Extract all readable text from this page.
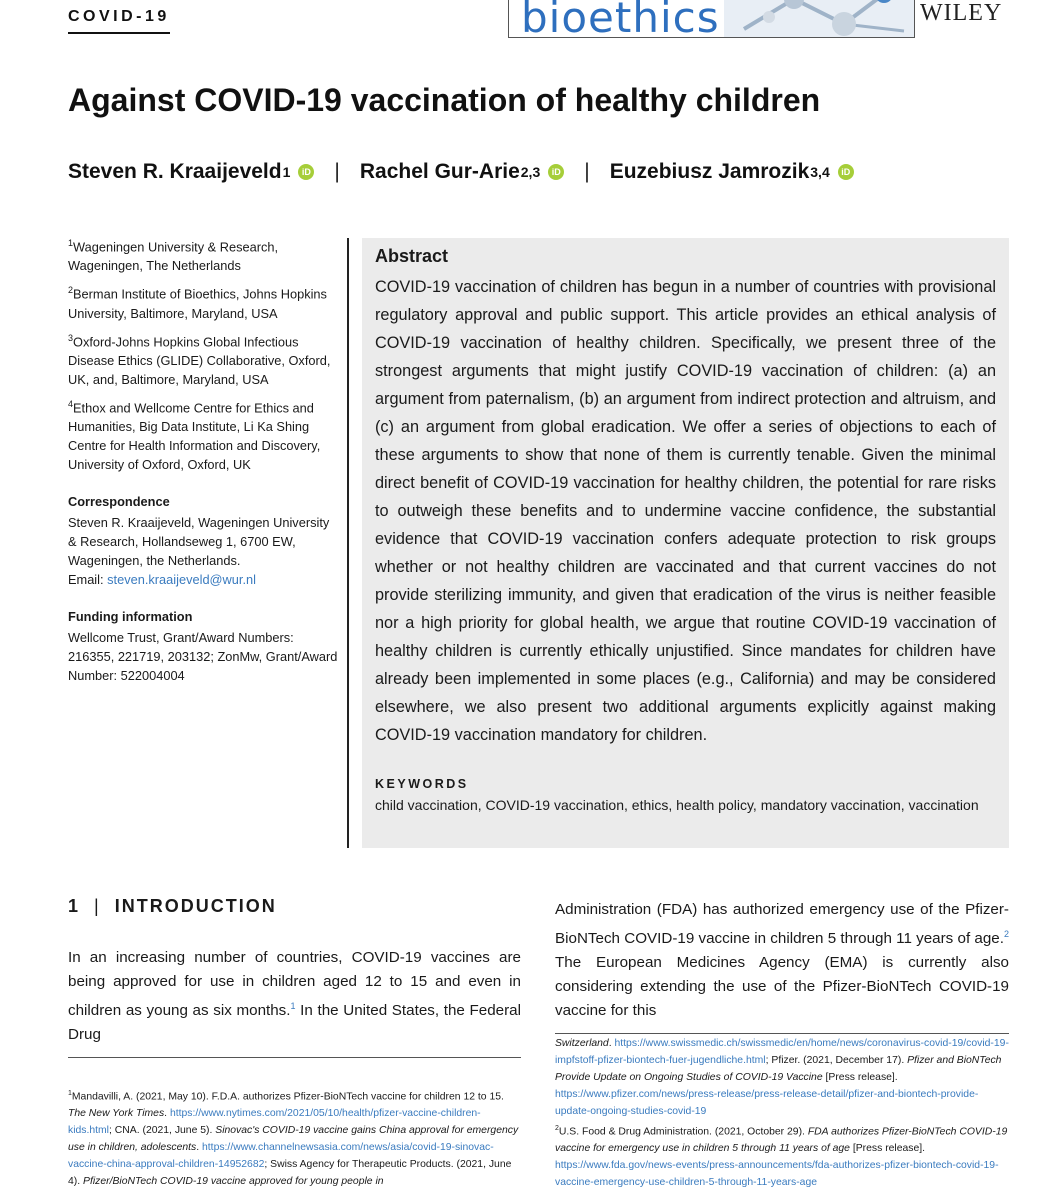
COVID-19	bioethics	WILEY
Against COVID-19 vaccination of healthy children
Steven R. Kraaijeveld 1	iD | Rachel Gur-Arie 2,3	iD | Euzebiusz Jamrozik 3,4	iD

$^1$Wageningen University & Research, Wageningen, The Netherlands

$^2$Berman Institute of Bioethics, Johns Hopkins University, Baltimore, Maryland, USA

$^3$Oxford-Johns Hopkins Global Infectious Disease Ethics (GLIDE) Collaborative, Oxford, UK, and, Baltimore, Maryland, USA

$^4$Ethox and Wellcome Centre for Ethics and Humanities, Big Data Institute, Li Ka Shing Centre for Health Information and Discovery, University of Oxford, Oxford, UK

Correspondence
Steven R. Kraaijeveld, Wageningen University & Research, Hollandseweg 1, 6700 EW, Wageningen, the Netherlands.
Email: steven.kraaijeveld@wur.nl
Funding information
Wellcome Trust, Grant/Award Numbers: 216355, 221719, 203132; ZonMw, Grant/Award Number: 522004004
Abstract

COVID-19 vaccination of children has begun in a number of countries with provisional regulatory approval and public support. This article provides an ethical analysis of COVID-19 vaccination of healthy children. Specifically, we present three of the strongest arguments that might justify COVID-19 vaccination of children: (a) an argument from paternalism, (b) an argument from indirect protection and altruism, and (c) an argument from global eradication. We offer a series of objections to each of these arguments to show that none of them is currently tenable. Given the minimal direct benefit of COVID-19 vaccination for healthy children, the potential for rare risks to outweigh these benefits and to undermine vaccine confidence, the substantial evidence that COVID-19 vaccination confers adequate protection to risk groups whether or not healthy children are vaccinated and that current vaccines do not provide sterilizing immunity, and given that eradication of the virus is neither feasible nor a high priority for global health, we argue that routine COVID-19 vaccination of healthy children is currently ethically unjustified. Since mandates for children have already been implemented in some places (e.g., California) and may be considered elsewhere, we also present two additional arguments explicitly against making COVID-19 vaccination mandatory for children.

KEYWORDS

child vaccination, COVID-19 vaccination, ethics, health policy, mandatory vaccination, vaccination

1 | INTRODUCTION

In an increasing number of countries, COVID-19 vaccines are being approved for use in children aged 12 to 15 and even in children as young as six months.$^1$ In the United States, the Federal Drug

Administration (FDA) has authorized emergency use of the Pfizer-BioNTech COVID-19 vaccine in children 5 through 11 years of age.$^2$ The European Medicines Agency (EMA) is currently also considering extending the use of the Pfizer-BioNTech COVID-19 vaccine for this

$^1$Mandavilli, A. (2021, May 10). F.D.A. authorizes Pfizer-BioNTech vaccine for children 12 to 15. The New York Times. https://www.nytimes.com/2021/05/10/health/pfizer-vaccine-children-kids.html; CNA. (2021, June 5). Sinovac's COVID-19 vaccine gains China approval for emergency use in children, adolescents. https://www.channelnewsasia.com/news/asia/covid-19-sinovac-vaccine-china-approval-children-14952682; Swiss Agency for Therapeutic Products. (2021, June 4). Pfizer/BioNTech COVID-19 vaccine approved for young people in

Switzerland. https://www.swissmedic.ch/swissmedic/en/home/news/coronavirus-covid-19/covid-19-impfstoff-pfizer-biontech-fuer-jugendliche.html; Pfizer. (2021, December 17). Pfizer and BioNTech Provide Update on Ongoing Studies of COVID-19 Vaccine [Press release]. https://www.pfizer.com/news/press-release/press-release-detail/pfizer-and-biontech-provide-update-ongoing-studies-covid-19

$^2$U.S. Food & Drug Administration. (2021, October 29). FDA authorizes Pfizer-BioNTech COVID-19 vaccine for emergency use in children 5 through 11 years of age [Press release]. https://www.fda.gov/news-events/press-announcements/fda-authorizes-pfizer-biontech-covid-19-vaccine-emergency-use-children-5-through-11-years-age
